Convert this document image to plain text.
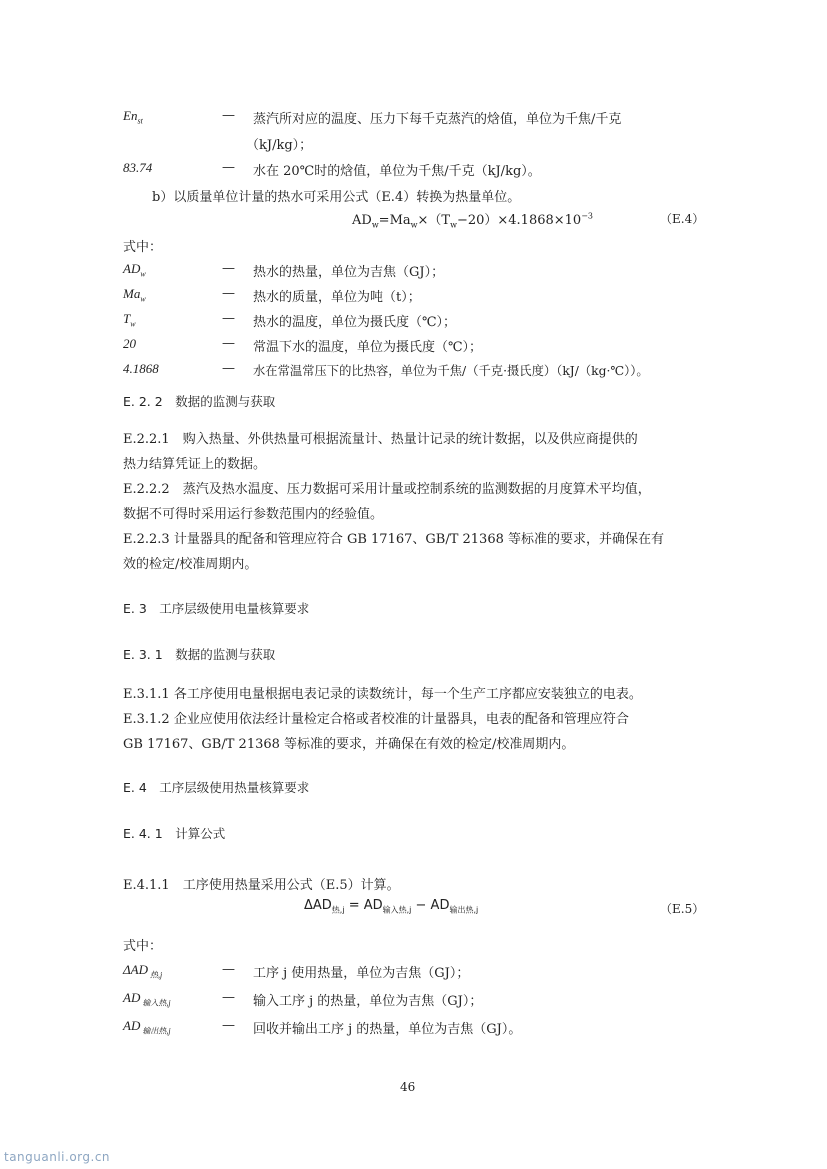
$En_{st}$	— 蒸汽所对应的温度、压力下每千克蒸汽的焓值，单位为千焦/千克
（kJ/kg）；
83.74	— 水在 20℃时的焓值，单位为千焦/千克（kJ/kg）。
b）以质量单位计量的热水可采用公式（E.4）转换为热量单位。
$AD_w=Ma_w\times(T_w-20)\times 4.1868\times 10^{-3}$	（E.4）
式中：
$AD_w$	— 热水的热量，单位为吉焦（GJ）；
$Ma_w$	— 热水的质量，单位为吨（t）；
$T_w$	— 热水的温度，单位为摄氏度（℃）；
20	— 常温下水的温度，单位为摄氏度（℃）；
4.1868	— 水在常温常压下的比热容，单位为千焦/（千克·摄氏度）（kJ/（kg·℃））。
E. 2. 2　数据的监测与获取
E.2.2.1　购入热量、外供热量可根据流量计、热量计记录的统计数据，以及供应商提供的
热力结算凭证上的数据。
E.2.2.2　蒸汽及热水温度、压力数据可采用计量或控制系统的监测数据的月度算术平均值，
数据不可得时采用运行参数范围内的经验值。
E.2.2.3 计量器具的配备和管理应符合 GB 17167、GB/T 21368 等标准的要求，并确保在有
效的检定/校准周期内。
E. 3　工序层级使用电量核算要求
E. 3. 1　数据的监测与获取
E.3.1.1 各工序使用电量根据电表记录的读数统计，每一个生产工序都应安装独立的电表。
E.3.1.2 企业应使用依法经计量检定合格或者校准的计量器具，电表的配备和管理应符合
GB 17167、GB/T 21368 等标准的要求，并确保在有效的检定/校准周期内。
E. 4　工序层级使用热量核算要求
E. 4. 1　计算公式
E.4.1.1　工序使用热量采用公式（E.5）计算。
$\Delta AD_{热,j} = AD_{输入热,j} - AD_{输出热,j}$	（E.5）
式中：
ΔAD $_{热,j}$	— 工序 j 使用热量，单位为吉焦（GJ）；
AD $_{输入热,j}$	— 输入工序 j 的热量，单位为吉焦（GJ）；
AD $_{输出热,j}$	— 回收并输出工序 j 的热量，单位为吉焦（GJ）。
46
tanguanli.org.cn
